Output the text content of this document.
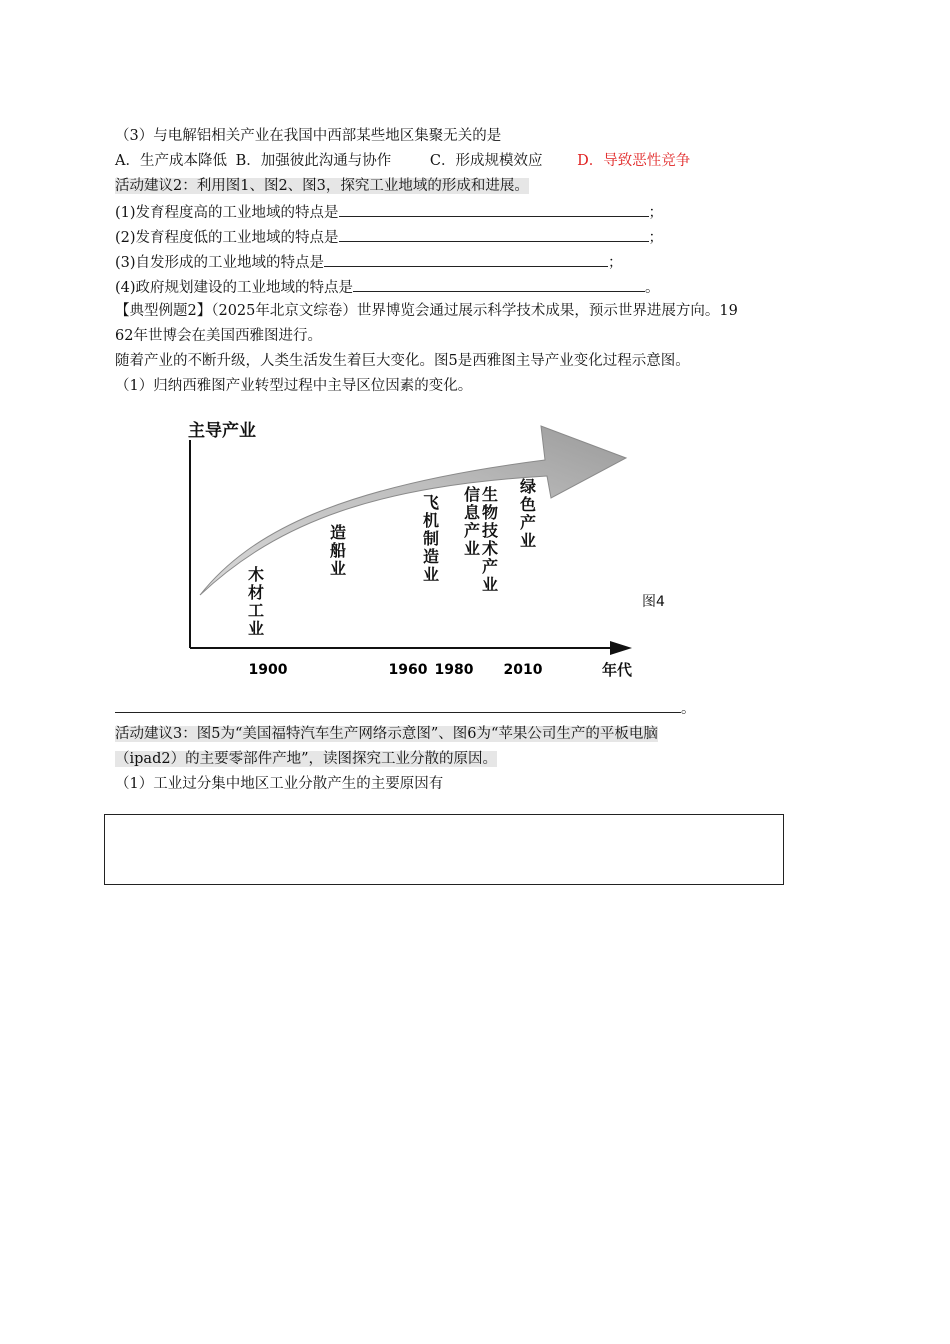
（3）与电解铝相关产业在我国中西部某些地区集聚无关的是
A．生产成本降低 B．加强彼此沟通与协作	C．形成规模效应 D．导致恶性竞争
活动建议2：利用图1、图2、图3，探究工业地域的形成和进展。
(1)发育程度高的工业地域的特点是	；
(2)发育程度低的工业地域的特点是	；
(3)自发形成的工业地域的特点是	；
(4)政府规划建设的工业地域的特点是	。
【典型例题2】（2025年北京文综卷）世界博览会通过展示科学技术成果，预示世界进展方向。19
62年世博会在美国西雅图进行。
随着产业的不断升级，人类生活发生着巨大变化。图5是西雅图主导产业变化过程示意图。
（1）归纳西雅图产业转型过程中主导区位因素的变化。
主导产业
年代
1900	1960 1980 2010
木材工业
造船业
飞机制造业
信息产业
生物技术产业
绿色产业
图4
。
活动建议3：图5为“美国福特汽车生产网络示意图”、图6为“苹果公司生产的平板电脑
（ipad2）的主要零部件产地”，读图探究工业分散的原因。
（1）工业过分集中地区工业分散产生的主要原因有
